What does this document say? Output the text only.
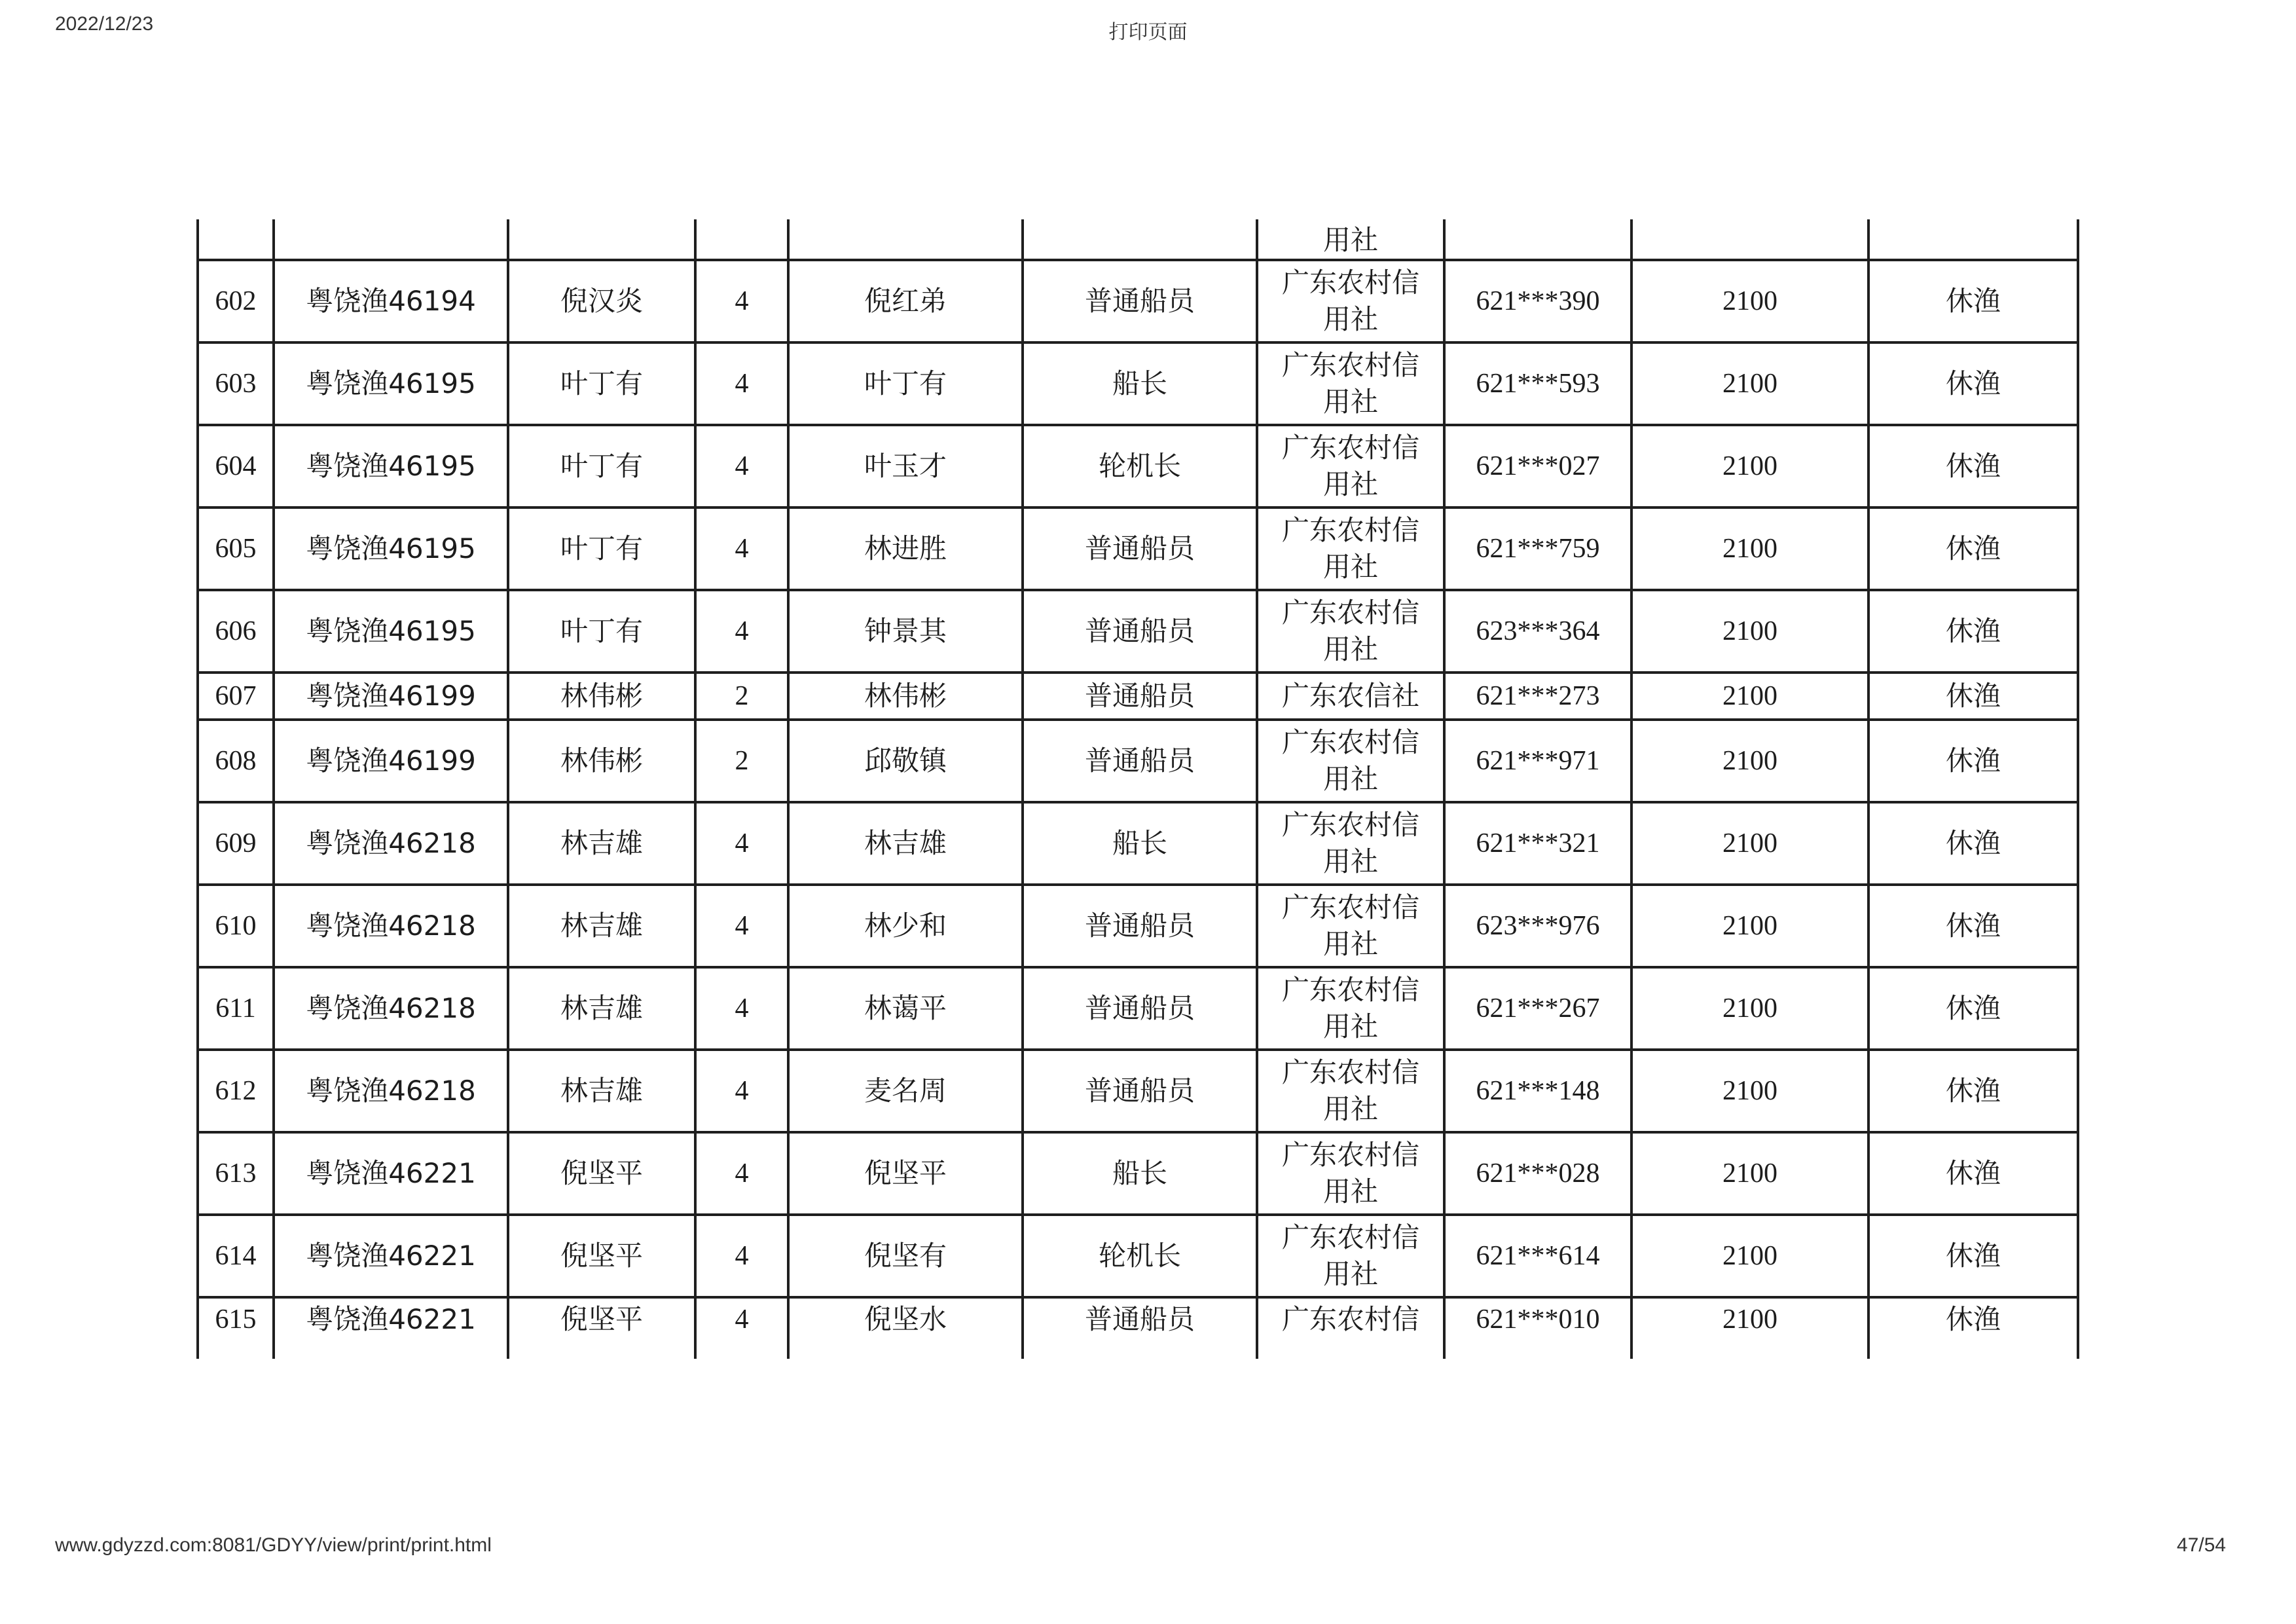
2022/12/23	打印页面
						用社			

602	粤饶渔46194	倪汉炎	4	倪红弟	普通船员	广东农村信
用社	621***390	2100	休渔

603	粤饶渔46195	叶丁有	4	叶丁有	船长	广东农村信
用社	621***593	2100	休渔

604	粤饶渔46195	叶丁有	4	叶玉才	轮机长	广东农村信
用社	621***027	2100	休渔

605	粤饶渔46195	叶丁有	4	林进胜	普通船员	广东农村信
用社	621***759	2100	休渔

606	粤饶渔46195	叶丁有	4	钟景其	普通船员	广东农村信
用社	623***364	2100	休渔

607	粤饶渔46199	林伟彬	2	林伟彬	普通船员	广东农信社	621***273	2100	休渔

608	粤饶渔46199	林伟彬	2	邱敬镇	普通船员	广东农村信
用社	621***971	2100	休渔

609	粤饶渔46218	林吉雄	4	林吉雄	船长	广东农村信
用社	621***321	2100	休渔

610	粤饶渔46218	林吉雄	4	林少和	普通船员	广东农村信
用社	623***976	2100	休渔

611	粤饶渔46218	林吉雄	4	林蔼平	普通船员	广东农村信
用社	621***267	2100	休渔

612	粤饶渔46218	林吉雄	4	麦名周	普通船员	广东农村信
用社	621***148	2100	休渔

613	粤饶渔46221	倪坚平	4	倪坚平	船长	广东农村信
用社	621***028	2100	休渔

614	粤饶渔46221	倪坚平	4	倪坚有	轮机长	广东农村信
用社	621***614	2100	休渔

615	粤饶渔46221	倪坚平	4	倪坚水	普通船员	广东农村信	621***010	2100	休渔
www.gdyzzd.com:8081/GDYY/view/print/print.html	47/54
